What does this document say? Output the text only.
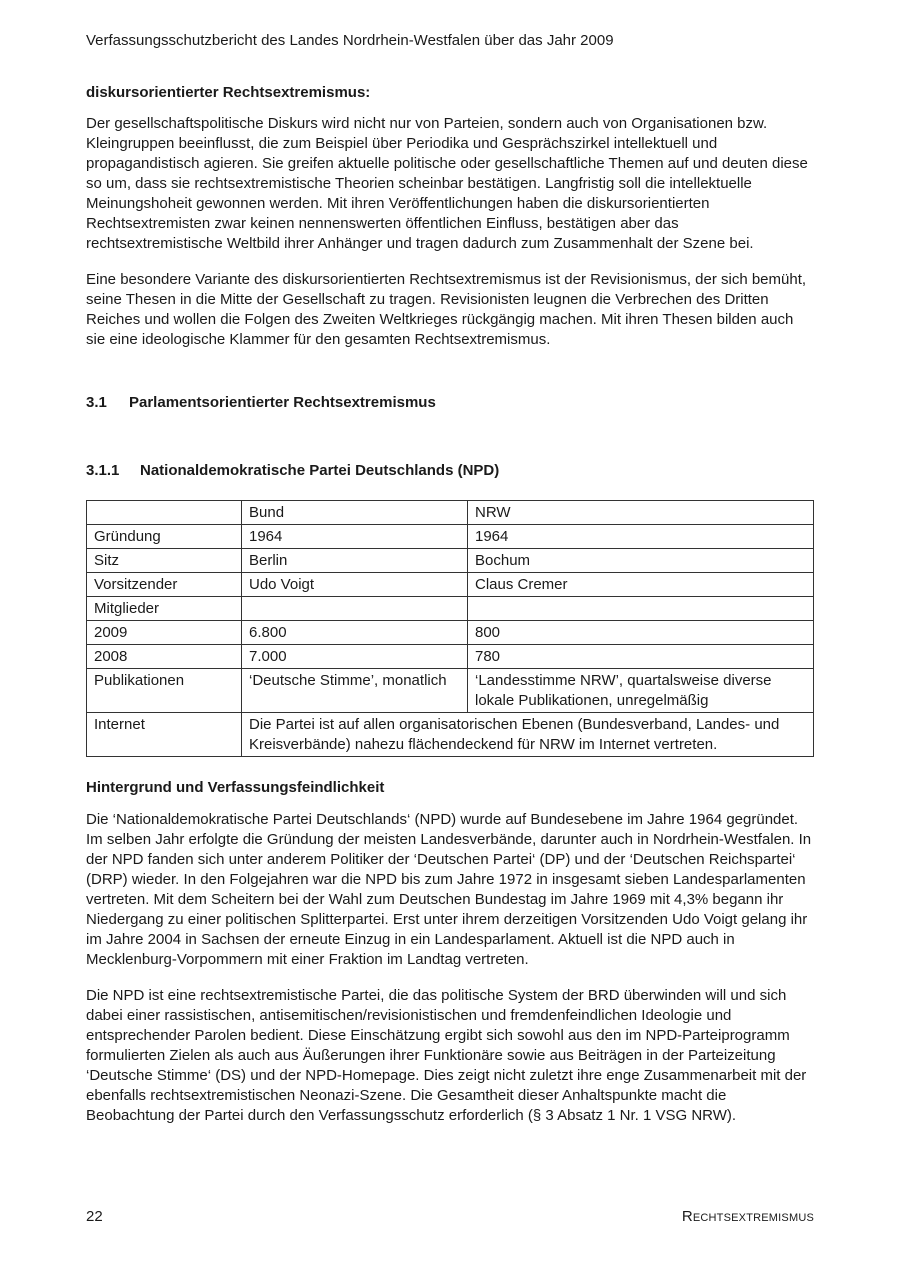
Verfassungsschutzbericht des Landes Nordrhein-Westfalen über das Jahr 2009
diskursorientierter Rechtsextremismus:

Der gesellschaftspolitische Diskurs wird nicht nur von Parteien, sondern auch von Organisationen bzw. Kleingruppen beeinflusst, die zum Beispiel über Periodika und Gesprächszirkel intellektuell und propagandistisch agieren. Sie greifen aktuelle politische oder gesellschaftliche Themen auf und deuten diese so um, dass sie rechtsextremistische Theorien scheinbar bestätigen. Langfristig soll die intellektuelle Meinungshoheit gewonnen werden. Mit ihren Veröffentlichungen haben die diskursorientierten Rechtsextremisten zwar keinen nennenswerten öffentlichen Einfluss, bestätigen aber das rechtsextremistische Weltbild ihrer Anhänger und tragen dadurch zum Zusammenhalt der Szene bei.

Eine besondere Variante des diskursorientierten Rechtsextremismus ist der Revisionismus, der sich bemüht, seine Thesen in die Mitte der Gesellschaft zu tragen. Revisionisten leugnen die Verbrechen des Dritten Reiches und wollen die Folgen des Zweiten Weltkrieges rückgängig machen. Mit ihren Thesen bilden auch sie eine ideologische Klammer für den gesamten Rechtsextremismus.

3.1 Parlamentsorientierter Rechtsextremismus
3.1.1 Nationaldemokratische Partei Deutschlands (NPD)
Hintergrund und Verfassungsfeindlichkeit

Die ‘Nationaldemokratische Partei Deutschlands‘ (NPD) wurde auf Bundesebene im Jahre 1964 gegründet. Im selben Jahr erfolgte die Gründung der meisten Landesverbände, darunter auch in Nordrhein-Westfalen. In der NPD fanden sich unter anderem Politiker der ‘Deutschen Partei‘ (DP) und der ‘Deutschen Reichspartei‘ (DRP) wieder. In den Folgejahren war die NPD bis zum Jahre 1972 in insgesamt sieben Landesparlamenten vertreten. Mit dem Scheitern bei der Wahl zum Deutschen Bundestag im Jahre 1969 mit 4,3% begann ihr Niedergang zu einer politischen Splitterpartei. Erst unter ihrem derzeitigen Vorsitzenden Udo Voigt gelang ihr im Jahre 2004 in Sachsen der erneute Einzug in ein Landesparlament. Aktuell ist die NPD auch in Mecklenburg-Vorpommern mit einer Fraktion im Landtag vertreten.

Die NPD ist eine rechtsextremistische Partei, die das politische System der BRD überwinden will und sich dabei einer rassistischen, antisemitischen/revisionistischen und fremdenfeindlichen Ideologie und entsprechender Parolen bedient. Diese Einschätzung ergibt sich sowohl aus den im NPD-Parteiprogramm formulierten Zielen als auch aus Äußerungen ihrer Funktionäre sowie aus Beiträgen in der Parteizeitung ‘Deutsche Stimme‘ (DS) und der NPD-Homepage. Dies zeigt nicht zuletzt ihre enge Zusammenarbeit mit der ebenfalls rechtsextremistischen Neonazi-Szene. Die Gesamtheit dieser Anhaltspunkte macht die Beobachtung der Partei durch den Verfassungsschutz erforderlich (§ 3 Absatz 1 Nr. 1 VSG NRW).

	Bund	NRW
Gründung	1964	1964
Sitz	Berlin	Bochum
Vorsitzender	Udo Voigt	Claus Cremer
Mitglieder		
2009	6.800	800
2008	7.000	780
Publikationen	‘Deutsche Stimme’, monatlich	‘Landesstimme NRW’, quartalsweise diverse lokale Publikationen, unregelmäßig
Internet	Die Partei ist auf allen organisatorischen Ebenen (Bundesverband, Landes- und Kreisverbände) nahezu flächendeckend für NRW im Internet vertreten.	
22	Rechtsextremismus
